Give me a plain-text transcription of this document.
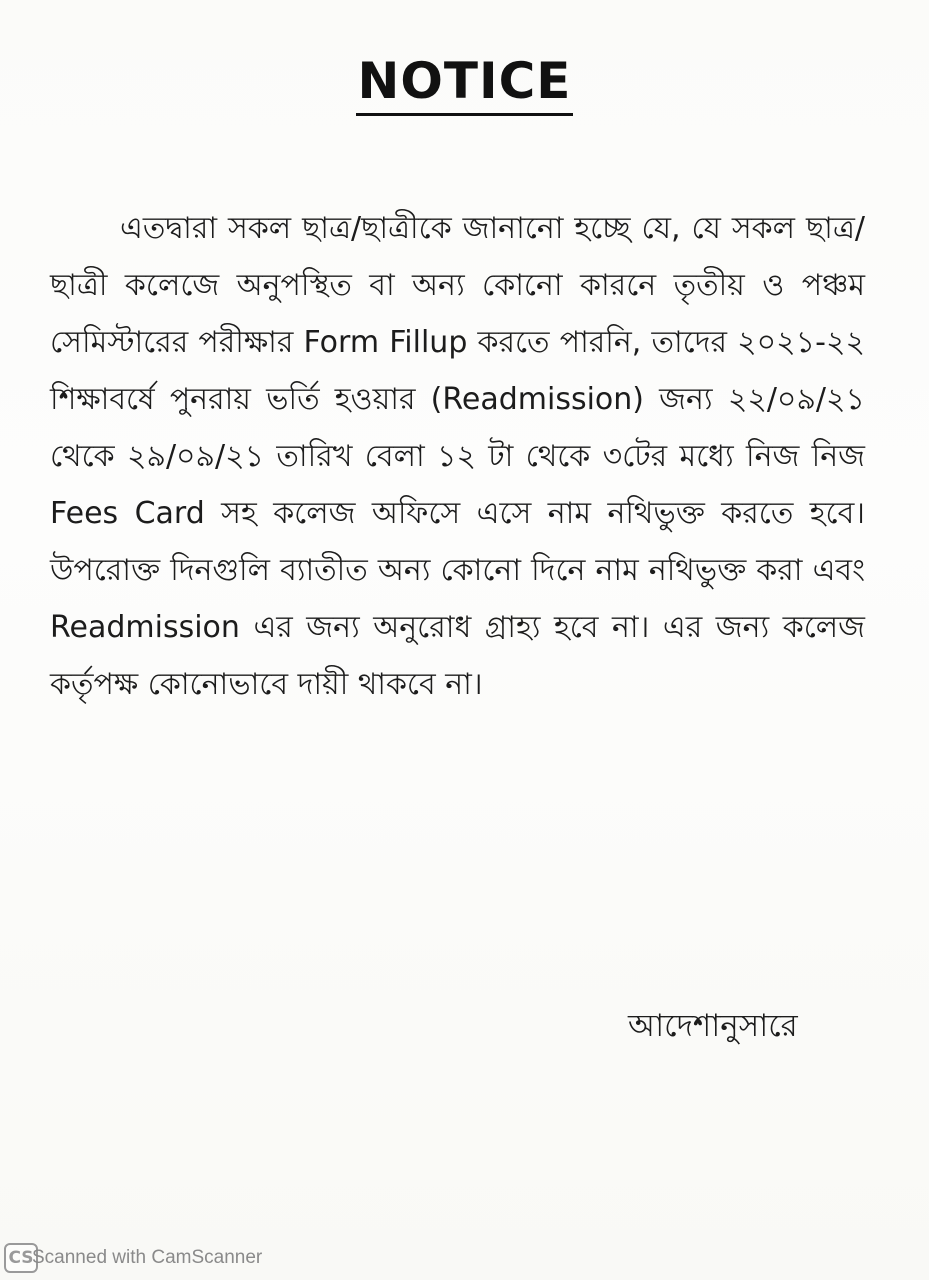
NOTICE
এতদ্বারা সকল ছাত্র/ছাত্রীকে জানানো হচ্ছে যে, যে সকল ছাত্র/ছাত্রী কলেজে অনুপস্থিত বা অন্য কোনো কারনে তৃতীয় ও পঞ্চম সেমিস্টারের পরীক্ষার Form Fillup করতে পারনি, তাদের ২০২১-২২ শিক্ষাবর্ষে পুনরায় ভর্তি হওয়ার (Readmission) জন্য ২২/০৯/২১ থেকে ২৯/০৯/২১ তারিখ বেলা ১২ টা থেকে ৩টের মধ্যে নিজ নিজ Fees Card সহ কলেজ অফিসে এসে নাম নথিভুক্ত করতে হবে। উপরোক্ত দিনগুলি ব্যাতীত অন্য কোনো দিনে নাম নথিভুক্ত করা এবং Readmission এর জন্য অনুরোধ গ্রাহ্য হবে না। এর জন্য কলেজ কর্তৃপক্ষ কোনোভাবে দায়ী থাকবে না।
আদেশানুসারে
CS
Scanned with CamScanner
